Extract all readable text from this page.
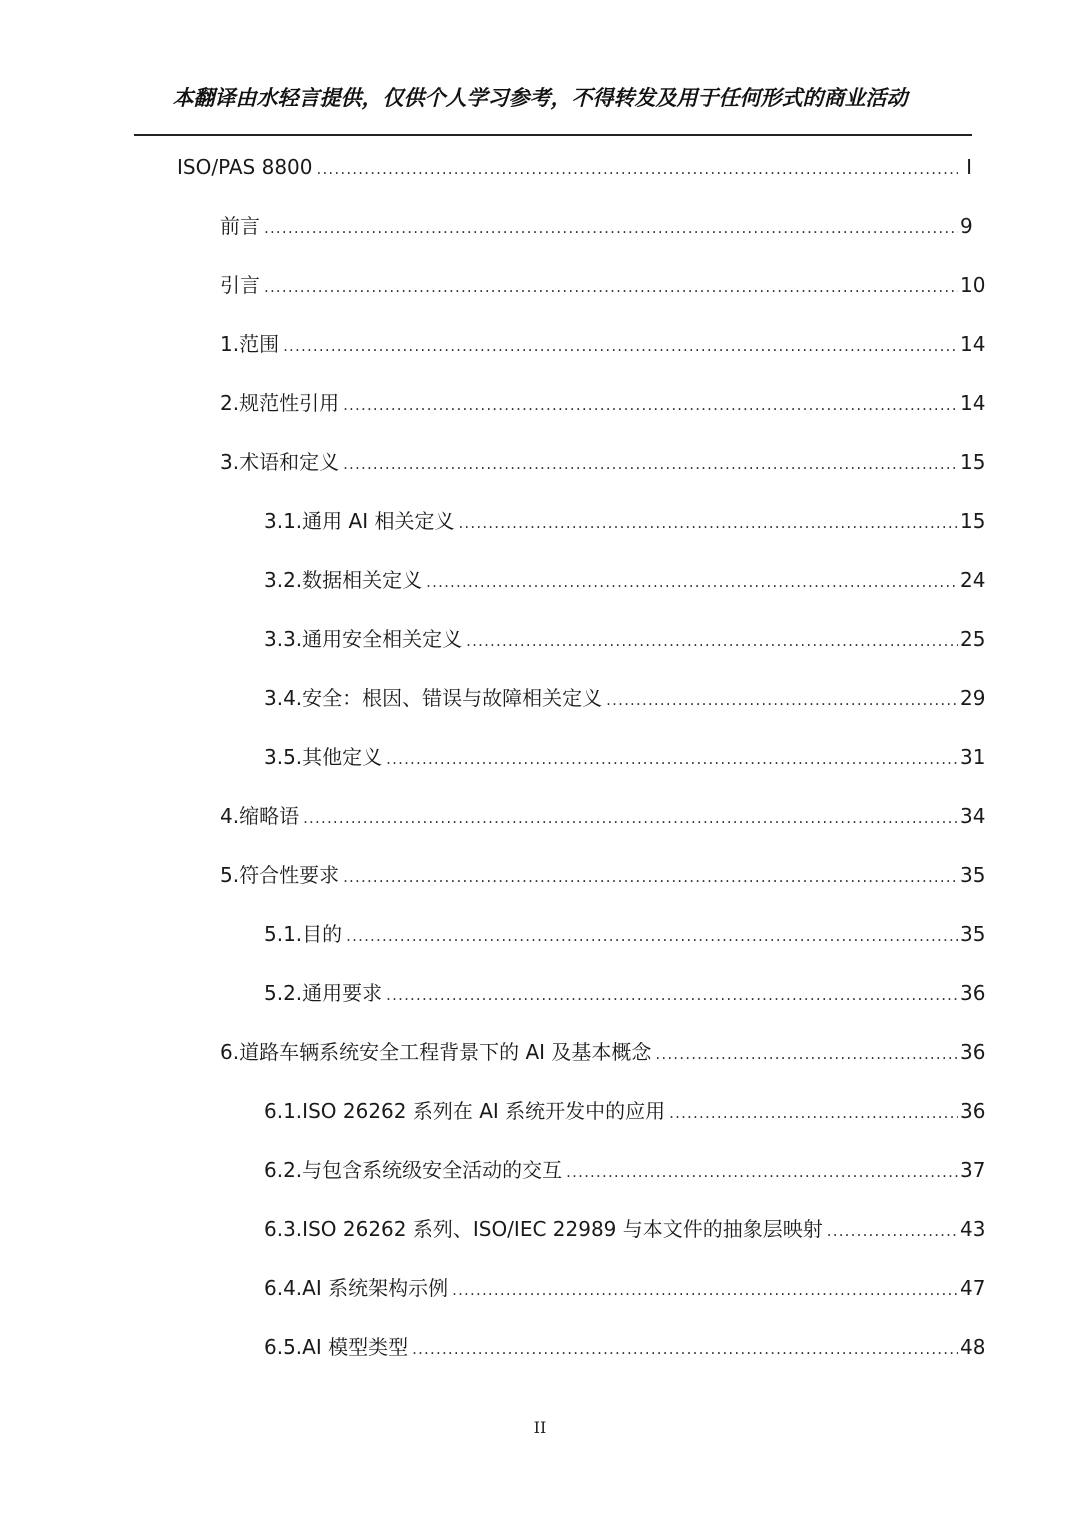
本翻译由水轻言提供，仅供个人学习参考，不得转发及用于任何形式的商业活动
ISO/PAS 8800 .....	I
前言 .....	9
引言 .....	10
1. 范围 .....	14
2. 规范性引用 .....	14
3. 术语和定义 .....	15
3.1. 通用 AI 相关定义 .....	15
3.2. 数据相关定义 .....	24
3.3. 通用安全相关定义 .....	25
3.4. 安全：根因、错误与故障相关定义 .....	29
3.5. 其他定义 .....	31
4. 缩略语 .....	34
5. 符合性要求 .....	35
5.1. 目的 .....	35
5.2. 通用要求 .....	36
6. 道路车辆系统安全工程背景下的 AI 及基本概念 .....	36
6.1. ISO 26262 系列在 AI 系统开发中的应用 .....	36
6.2. 与包含系统级安全活动的交互 .....	37
6.3. ISO 26262 系列、ISO/IEC 22989 与本文件的抽象层映射 .....	43
6.4. AI 系统架构示例 .....	47
6.5. AI 模型类型 .....	48
II
